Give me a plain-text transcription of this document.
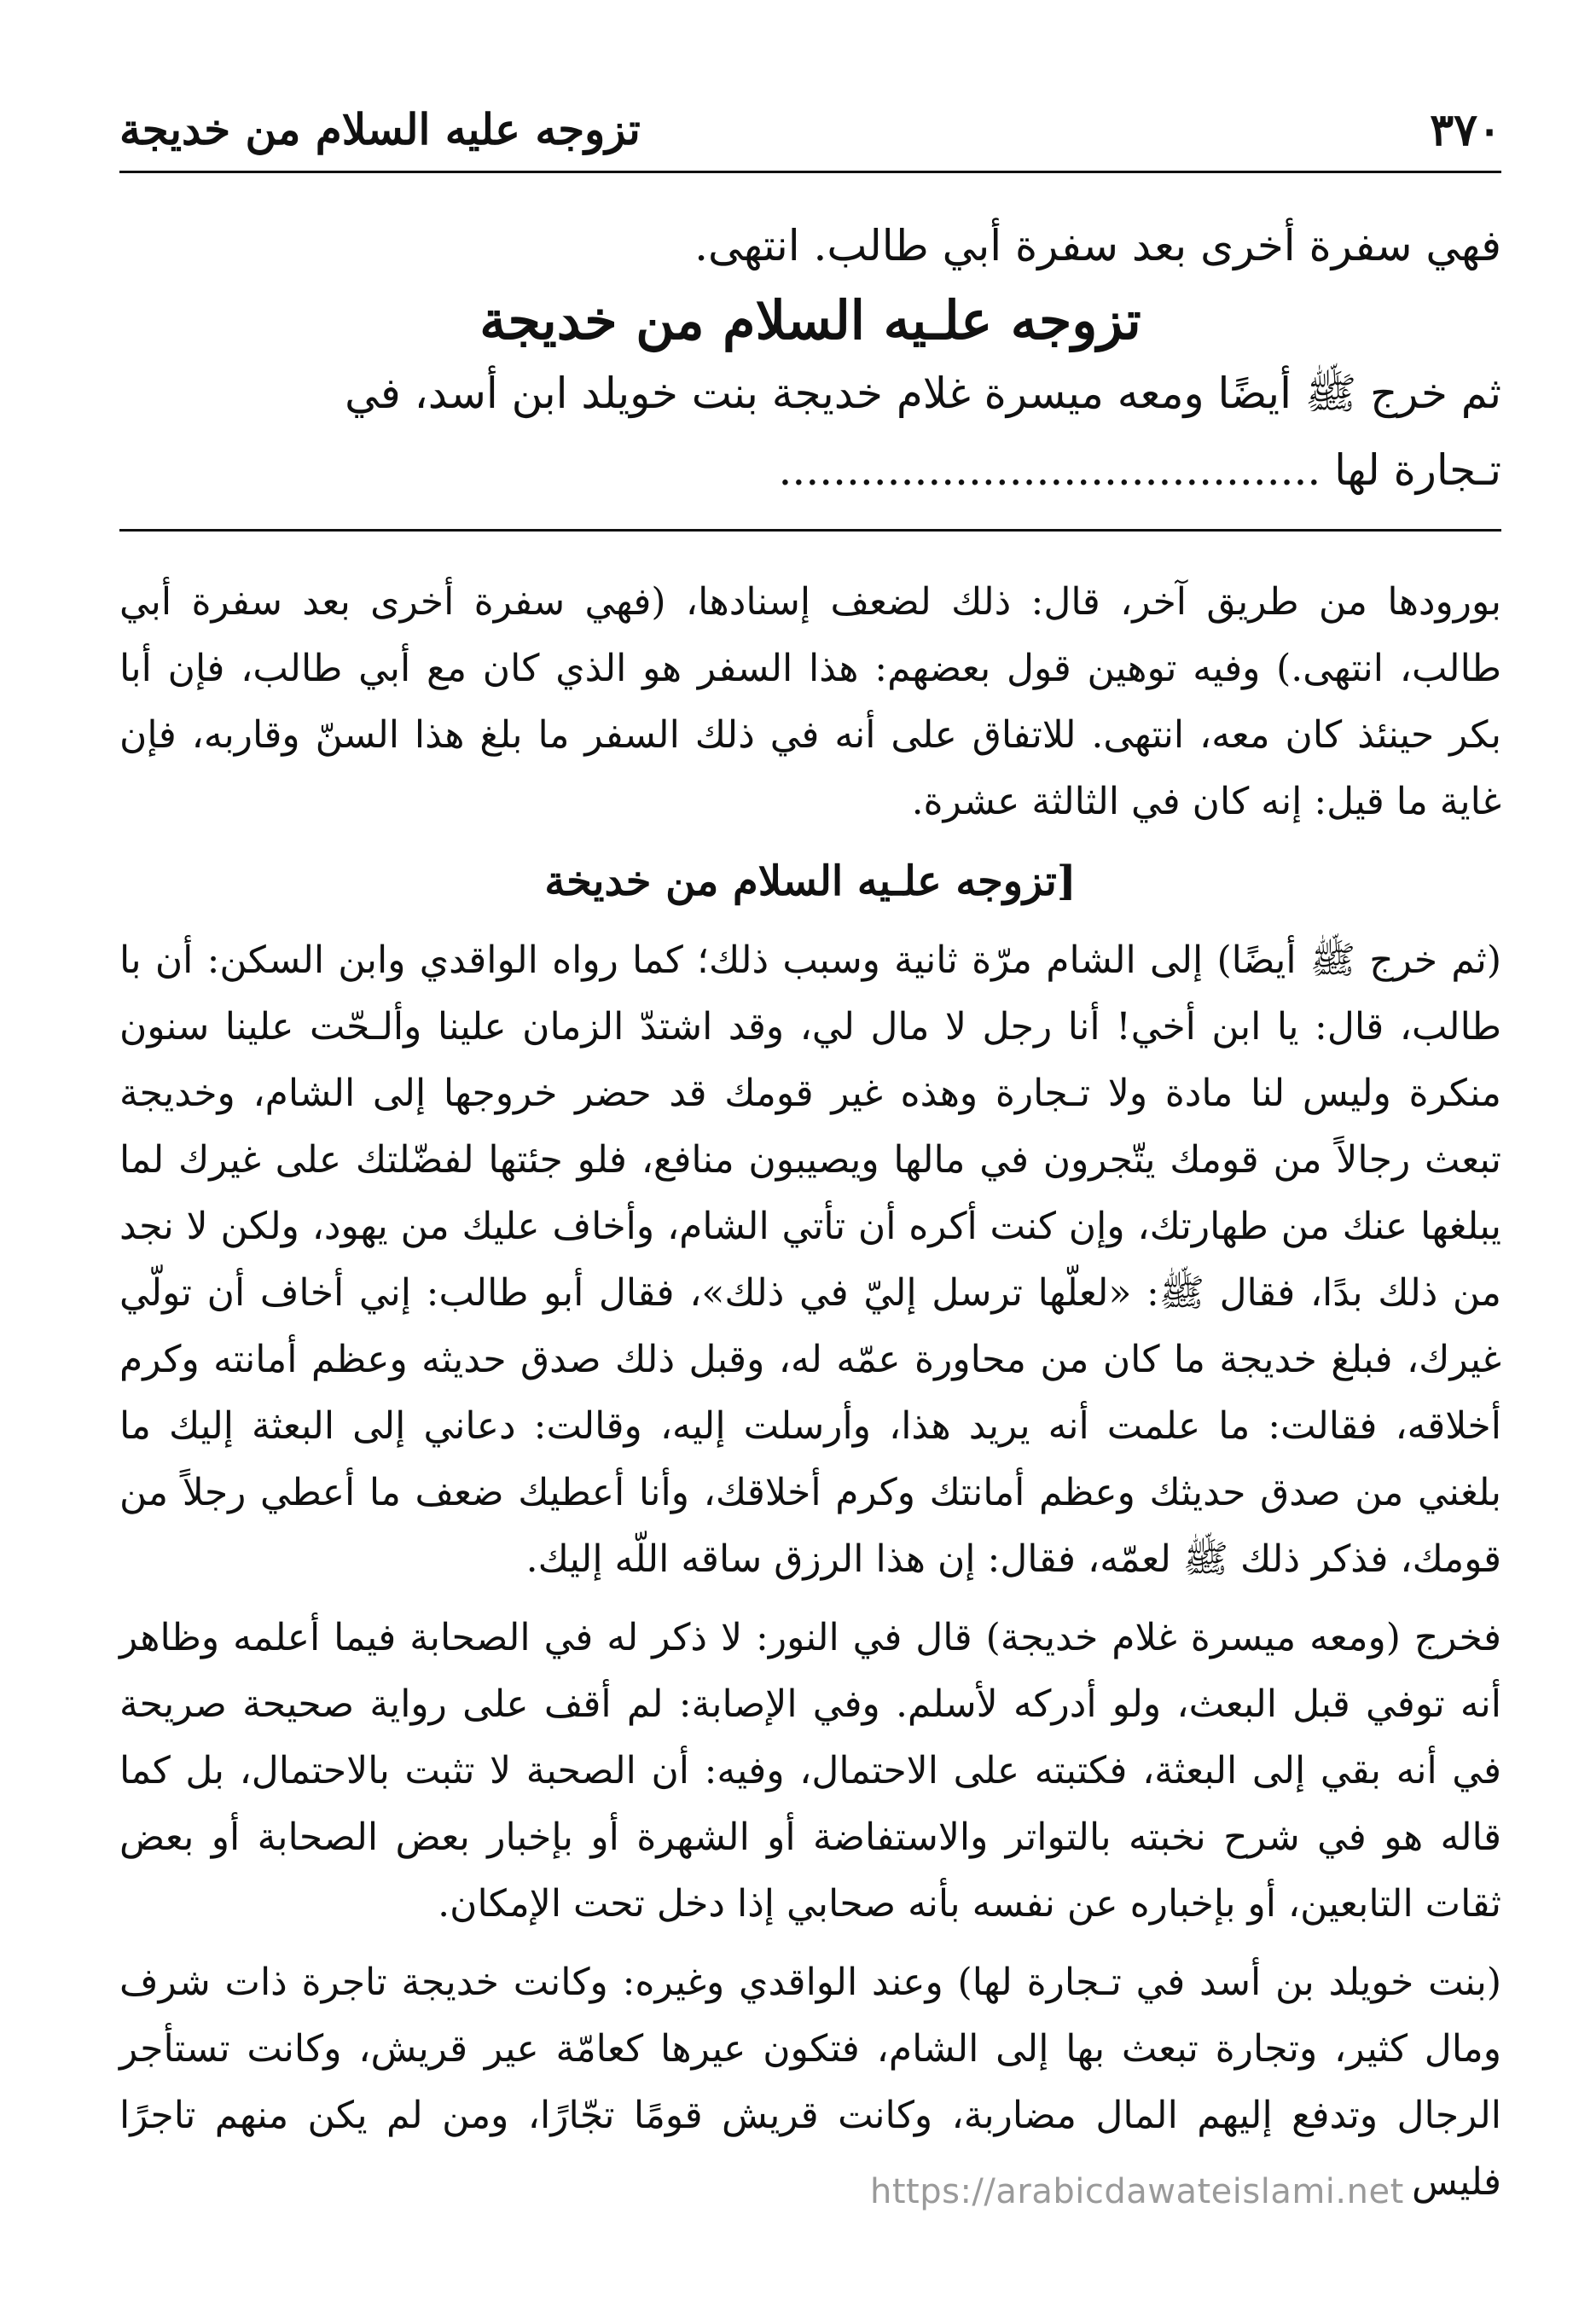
٣٧٠
تزوجه عليه السلام من خديجة
فهي سفرة أخرى بعد سفرة أبي طالب. انتهى.
تزوجه علـيه السلام من خديجة
ثم خرج ﷺ أيضًا ومعه ميسرة غلام خديجة بنت خويلد ابن أسد، في
تـجارة لها ........................................

بورودها من طريق آخر، قال: ذلك لضعف إسنادها، (فهي سفرة أخرى بعد سفرة أبي طالب، انتهى.) وفيه توهين قول بعضهم: هذا السفر هو الذي كان مع أبي طالب، فإن أبا بكر حينئذ كان معه، انتهى. للاتفاق على أنه في ذلك السفر ما بلغ هذا السنّ وقاربه، فإن غاية ما قيل: إنه كان في الثالثة عشرة.

[تزوجه علـيه السلام من خديخة

(ثم خرج ﷺ أيضًا) إلى الشام مرّة ثانية وسبب ذلك؛ كما رواه الواقدي وابن السكن: أن با طالب، قال: يا ابن أخي! أنا رجل لا مال لي، وقد اشتدّ الزمان علينا وألـحّت علينا سنون منكرة وليس لنا مادة ولا تـجارة وهذه غير قومك قد حضر خروجها إلى الشام، وخديجة تبعث رجالاً من قومك يتّجرون في مالها ويصيبون منافع، فلو جئتها لفضّلتك على غيرك لما يبلغها عنك من طهارتك، وإن كنت أكره أن تأتي الشام، وأخاف عليك من يهود، ولكن لا نجد من ذلك بدًا، فقال ﷺ: «لعلّها ترسل إليّ في ذلك»، فقال أبو طالب: إني أخاف أن تولّي غيرك، فبلغ خديجة ما كان من محاورة عمّه له، وقبل ذلك صدق حديثه وعظم أمانته وكرم أخلاقه، فقالت: ما علمت أنه يريد هذا، وأرسلت إليه، وقالت: دعاني إلى البعثة إليك ما بلغني من صدق حديثك وعظم أمانتك وكرم أخلاقك، وأنا أعطيك ضعف ما أعطي رجلاً من قومك، فذكر ذلك ﷺ لعمّه، فقال: إن هذا الرزق ساقه اللّه إليك.

فخرج (ومعه ميسرة غلام خديجة) قال في النور: لا ذكر له في الصحابة فيما أعلمه وظاهر أنه توفي قبل البعث، ولو أدركه لأسلم. وفي الإصابة: لم أقف على رواية صحيحة صريحة في أنه بقي إلى البعثة، فكتبته على الاحتمال، وفيه: أن الصحبة لا تثبت بالاحتمال، بل كما قاله هو في شرح نخبته بالتواتر والاستفاضة أو الشهرة أو بإخبار بعض الصحابة أو بعض ثقات التابعين، أو بإخباره عن نفسه بأنه صحابي إذا دخل تحت الإمكان.

(بنت خويلد بن أسد في تـجارة لها) وعند الواقدي وغيره: وكانت خديجة تاجرة ذات شرف ومال كثير، وتجارة تبعث بها إلى الشام، فتكون عيرها كعامّة عير قريش، وكانت تستأجر الرجال وتدفع إليهم المال مضاربة، وكانت قريش قومًا تجّارًا، ومن لم يكن منهم تاجرًا فليس

https://arabicdawateislami.net
